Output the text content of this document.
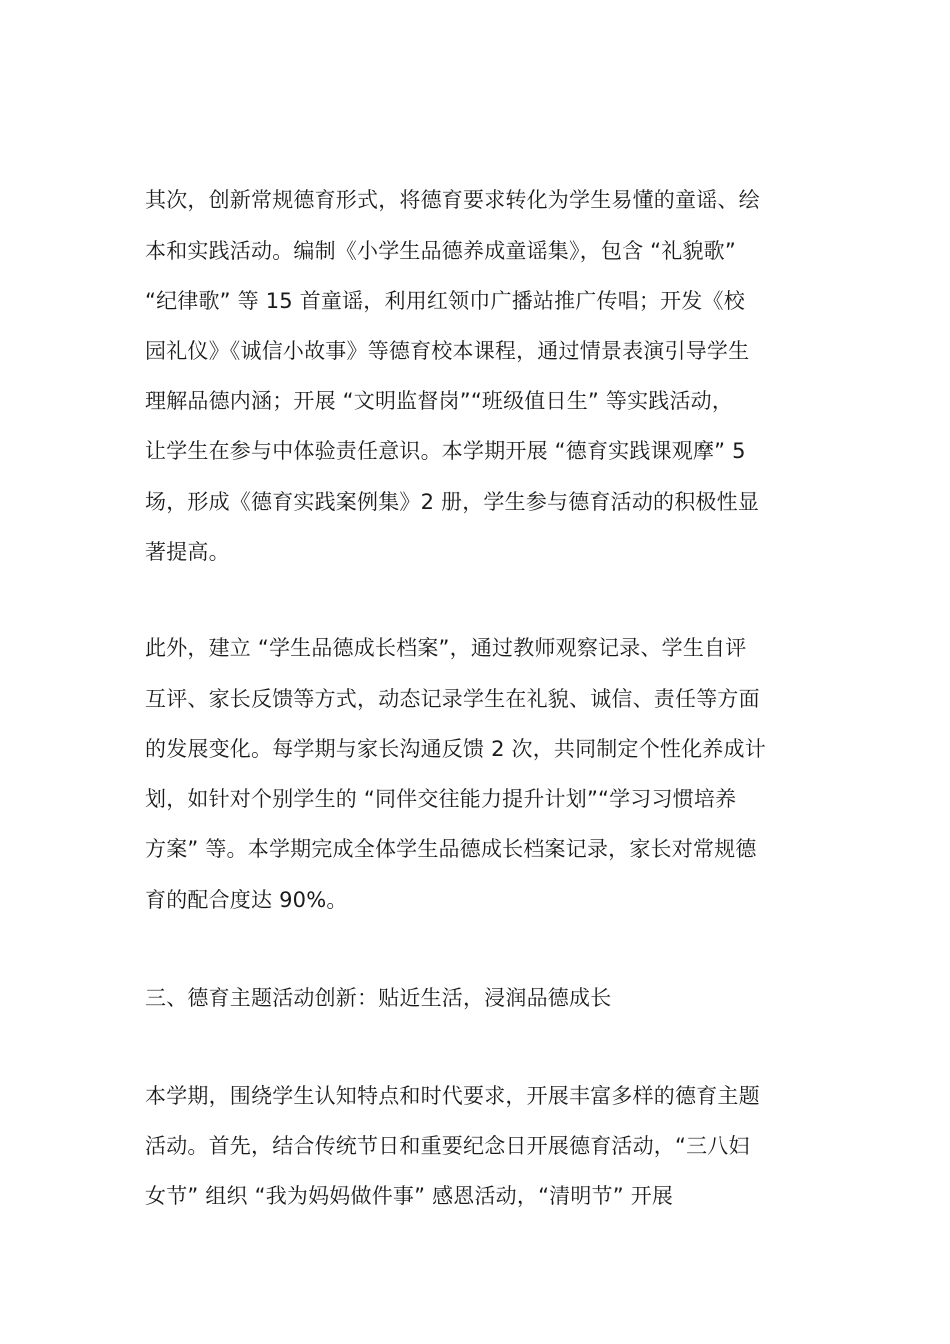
其次，创新常规德育形式，将德育要求转化为学生易懂的童谣、绘
本和实践活动。编制《小学生品德养成童谣集》，包含 “礼貌歌”
“纪律歌” 等 15 首童谣，利用红领巾广播站推广传唱；开发《校
园礼仪》《诚信小故事》等德育校本课程，通过情景表演引导学生
理解品德内涵；开展 “文明监督岗”“班级值日生” 等实践活动，
让学生在参与中体验责任意识。本学期开展 “德育实践课观摩” 5
场，形成《德育实践案例集》2 册，学生参与德育活动的积极性显
著提高。
此外，建立 “学生品德成长档案”，通过教师观察记录、学生自评
互评、家长反馈等方式，动态记录学生在礼貌、诚信、责任等方面
的发展变化。每学期与家长沟通反馈 2 次，共同制定个性化养成计
划，如针对个别学生的 “同伴交往能力提升计划”“学习习惯培养
方案” 等。本学期完成全体学生品德成长档案记录，家长对常规德
育的配合度达 90%。
三、德育主题活动创新：贴近生活，浸润品德成长
本学期，围绕学生认知特点和时代要求，开展丰富多样的德育主题
活动。首先，结合传统节日和重要纪念日开展德育活动，“三八妇
女节” 组织 “我为妈妈做件事” 感恩活动，“清明节” 开展
